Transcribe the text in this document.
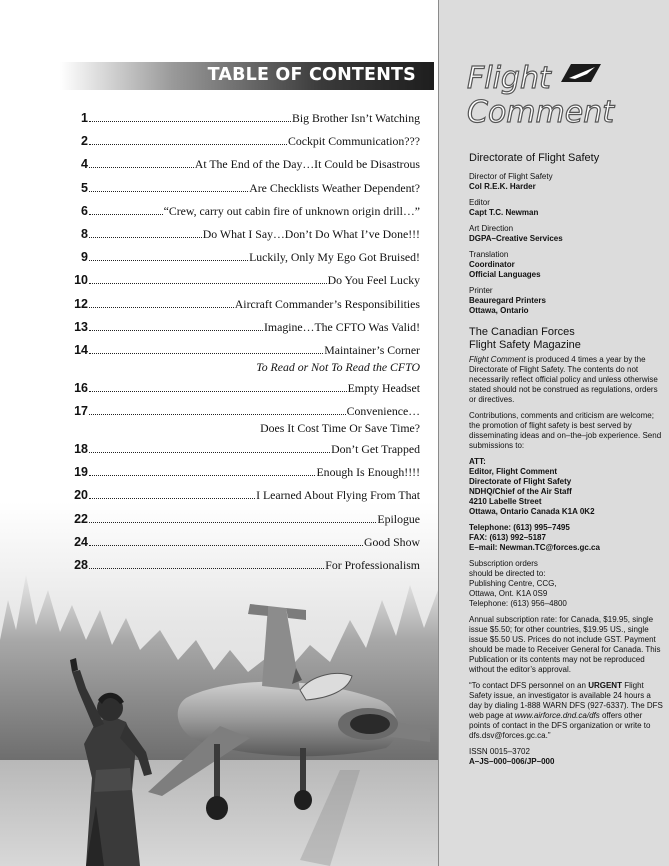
TABLE OF CONTENTS
1	Big Brother Isn’t Watching
2	Cockpit Communication???
4	At The End of the Day…It Could be Disastrous
5	Are Checklists Weather Dependent?
6	“Crew, carry out cabin fire of unknown origin drill…”
8	Do What I Say…Don’t Do What I’ve Done!!!
9	Luckily, Only My Ego Got Bruised!
10	Do You Feel Lucky
12	Aircraft Commander’s Responsibilities
13	Imagine…The CFTO Was Valid!
14	Maintainer’s Corner
To Read or Not To Read the CFTO
16	Empty Headset
17	Convenience…
Does It Cost Time Or Save Time?
18	Don’t Get Trapped
19	Enough Is Enough!!!!
20	I Learned About Flying From That
22	Epilogue
24	Good Show
28	For Professionalism
Flight
Comment
Directorate of Flight Safety
Director of Flight Safety
Col R.E.K. Harder
Editor
Capt T.C. Newman
Art Direction
DGPA–Creative Services
Translation
Coordinator
Official Languages
Printer
Beauregard Printers
Ottawa, Ontario
The Canadian Forces
Flight Safety Magazine

Flight Comment is produced 4 times a year by the Directorate of Flight Safety. The contents do not necessarily reflect official policy and unless otherwise stated should not be construed as regulations, orders or directives.

Contributions, comments and criticism are welcome; the promotion of flight safety is best served by disseminating ideas and on–the–job experience. Send submissions to:

ATT:
Editor, Flight Comment
Directorate of Flight Safety
NDHQ/Chief of the Air Staff
4210 Labelle Street
Ottawa, Ontario Canada K1A 0K2
Telephone: (613) 995–7495
FAX: (613) 992–5187
E–mail: Newman.TC@forces.gc.ca
Subscription orders
should be directed to:
Publishing Centre, CCG,
Ottawa, Ont. K1A 0S9
Telephone: (613) 956–4800

Annual subscription rate: for Canada, $19.95, single issue $5.50; for other countries, $19.95 US., single issue $5.50 US. Prices do not include GST. Payment should be made to Receiver General for Canada. This Publication or its contents may not be reproduced without the editor’s approval.

“To contact DFS personnel on an URGENT Flight Safety issue, an investigator is available 24 hours a day by dialing 1-888 WARN DFS (927-6337). The DFS web page at www.airforce.dnd.ca/dfs offers other points of contact in the DFS organization or write to dfs.dsv@forces.gc.ca.”

ISSN 0015–3702
A–JS–000–006/JP–000
